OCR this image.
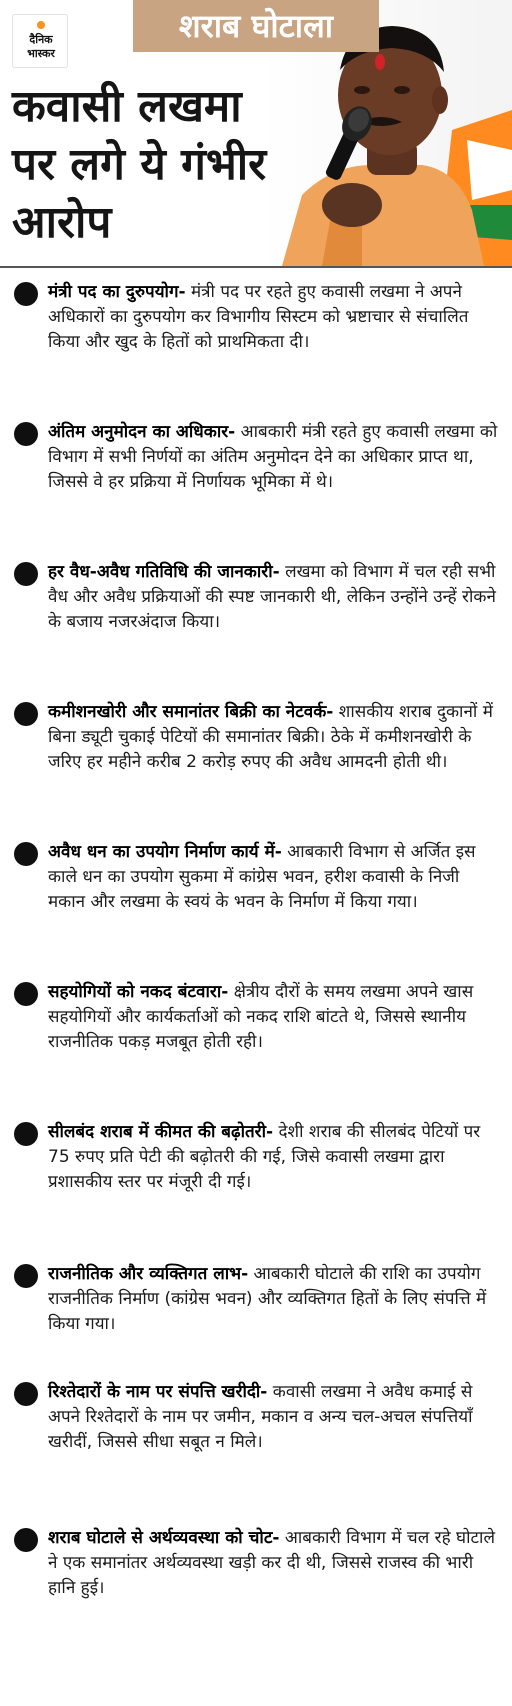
दैनिक
भास्कर
शराब घोटाला
कवासी लखमा
पर लगे ये गंभीर
आरोप

मंत्री पद का दुरुपयोग- मंत्री पद पर रहते हुए कवासी लखमा ने अपने अधिकारों का दुरुपयोग कर विभागीय सिस्टम को भ्रष्टाचार से संचालित किया और खुद के हितों को प्राथमिकता दी।

अंतिम अनुमोदन का अधिकार- आबकारी मंत्री रहते हुए कवासी लखमा को विभाग में सभी निर्णयों का अंतिम अनुमोदन देने का अधिकार प्राप्त था, जिससे वे हर प्रक्रिया में निर्णायक भूमिका में थे।

हर वैध-अवैध गतिविधि की जानकारी- लखमा को विभाग में चल रही सभी वैध और अवैध प्रक्रियाओं की स्पष्ट जानकारी थी, लेकिन उन्होंने उन्हें रोकने के बजाय नजरअंदाज किया।

कमीशनखोरी और समानांतर बिक्री का नेटवर्क- शासकीय शराब दुकानों में बिना ड्यूटी चुकाई पेटियों की समानांतर बिक्री। ठेके में कमीशनखोरी के जरिए हर महीने करीब 2 करोड़ रुपए की अवैध आमदनी होती थी।

अवैध धन का उपयोग निर्माण कार्य में- आबकारी विभाग से अर्जित इस काले धन का उपयोग सुकमा में कांग्रेस भवन, हरीश कवासी के निजी मकान और लखमा के स्वयं के भवन के निर्माण में किया गया।

सहयोगियों को नकद बंटवारा- क्षेत्रीय दौरों के समय लखमा अपने खास सहयोगियों और कार्यकर्ताओं को नकद राशि बांटते थे, जिससे स्थानीय राजनीतिक पकड़ मजबूत होती रही।

सीलबंद शराब में कीमत की बढ़ोतरी- देशी शराब की सीलबंद पेटियों पर 75 रुपए प्रति पेटी की बढ़ोतरी की गई, जिसे कवासी लखमा द्वारा प्रशासकीय स्तर पर मंजूरी दी गई।

राजनीतिक और व्यक्तिगत लाभ- आबकारी घोटाले की राशि का उपयोग राजनीतिक निर्माण (कांग्रेस भवन) और व्यक्तिगत हितों के लिए संपत्ति में किया गया।

रिश्तेदारों के नाम पर संपत्ति खरीदी- कवासी लखमा ने अवैध कमाई से अपने रिश्तेदारों के नाम पर जमीन, मकान व अन्य चल-अचल संपत्तियाँ खरीदीं, जिससे सीधा सबूत न मिले।

शराब घोटाले से अर्थव्यवस्था को चोट- आबकारी विभाग में चल रहे घोटाले ने एक समानांतर अर्थव्यवस्था खड़ी कर दी थी, जिससे राजस्व की भारी हानि हुई।
